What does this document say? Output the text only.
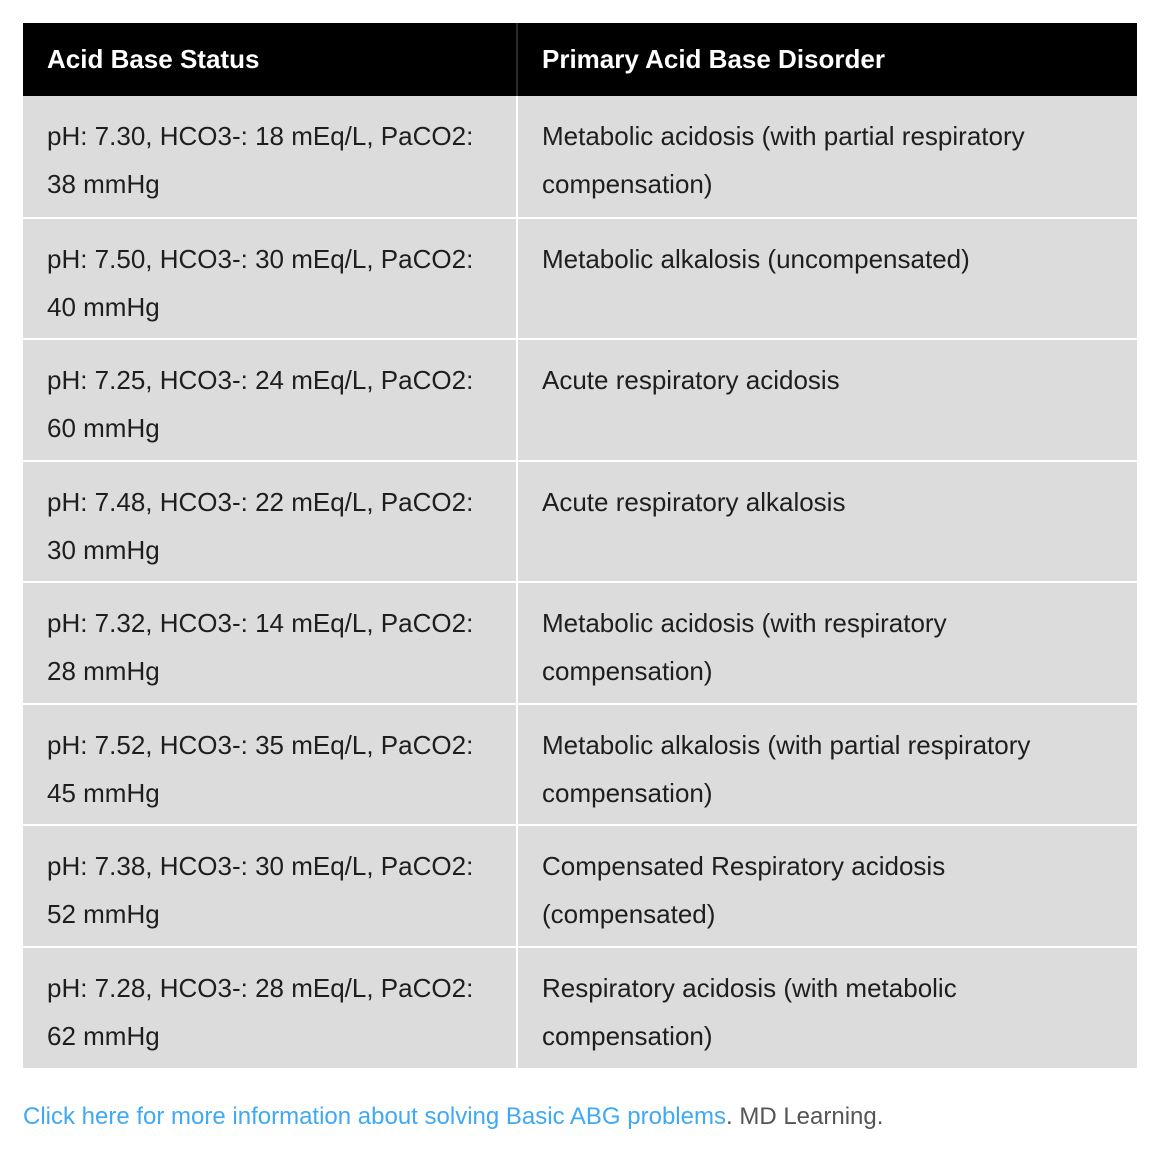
Acid Base Status	Primary Acid Base Disorder
pH: 7.30, HCO3-: 18 mEq/L, PaCO2: 38 mmHg	Metabolic acidosis (with partial respiratory compensation)
pH: 7.50, HCO3-: 30 mEq/L, PaCO2: 40 mmHg	Metabolic alkalosis (uncompensated)
pH: 7.25, HCO3-: 24 mEq/L, PaCO2: 60 mmHg	Acute respiratory acidosis
pH: 7.48, HCO3-: 22 mEq/L, PaCO2: 30 mmHg	Acute respiratory alkalosis
pH: 7.32, HCO3-: 14 mEq/L, PaCO2: 28 mmHg	Metabolic acidosis (with respiratory compensation)
pH: 7.52, HCO3-: 35 mEq/L, PaCO2: 45 mmHg	Metabolic alkalosis (with partial respiratory compensation)
pH: 7.38, HCO3-: 30 mEq/L, PaCO2: 52 mmHg	Compensated Respiratory acidosis (compensated)
pH: 7.28, HCO3-: 28 mEq/L, PaCO2: 62 mmHg	Respiratory acidosis (with metabolic compensation)
Click here for more information about solving Basic ABG problems. MD Learning.
